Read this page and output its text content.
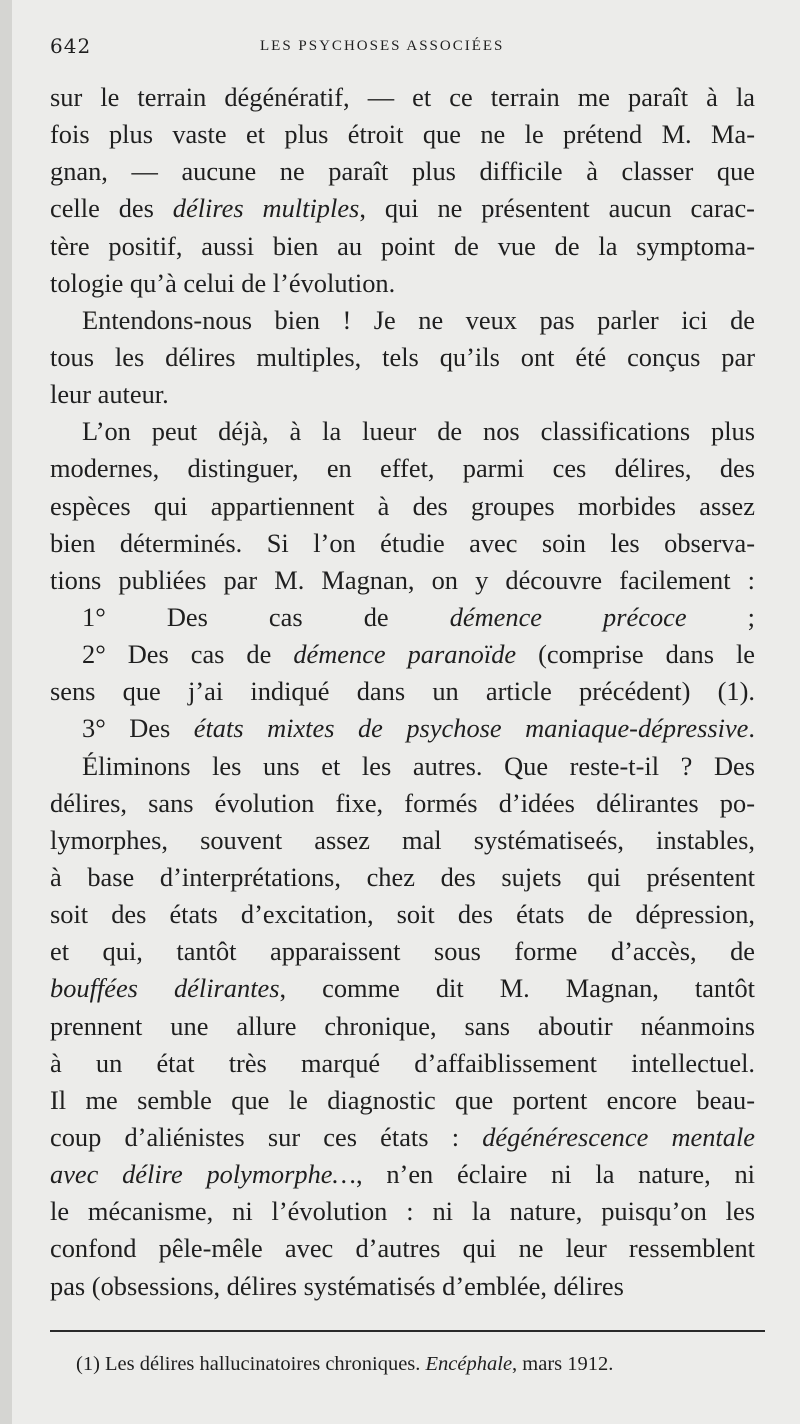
642	LES PSYCHOSES ASSOCIÉES
sur le terrain dégénératif, — et ce terrain me paraît à la
fois plus vaste et plus étroit que ne le prétend M. Ma-
gnan, — aucune ne paraît plus difficile à classer que
celle des délires multiples, qui ne présentent aucun carac-
tère positif, aussi bien au point de vue de la symptoma-
tologie qu’à celui de l’évolution.
Entendons-nous bien ! Je ne veux pas parler ici de
tous les délires multiples, tels qu’ils ont été conçus par
leur auteur.
L’on peut déjà, à la lueur de nos classifications plus
modernes, distinguer, en effet, parmi ces délires, des
espèces qui appartiennent à des groupes morbides assez
bien déterminés. Si l’on étudie avec soin les observa-
tions publiées par M. Magnan, on y découvre facilement :
1° Des cas de démence précoce ;
2° Des cas de démence paranoïde (comprise dans le
sens que j’ai indiqué dans un article précédent) (1).
3° Des états mixtes de psychose maniaque-dépressive.
Éliminons les uns et les autres. Que reste-t-il ? Des
délires, sans évolution fixe, formés d’idées délirantes po-
lymorphes, souvent assez mal systématiseés, instables,
à base d’interprétations, chez des sujets qui présentent
soit des états d’excitation, soit des états de dépression,
et qui, tantôt apparaissent sous forme d’accès, de
bouffées délirantes, comme dit M. Magnan, tantôt
prennent une allure chronique, sans aboutir néanmoins
à un état très marqué d’affaiblissement intellectuel.
Il me semble que le diagnostic que portent encore beau-
coup d’aliénistes sur ces états : dégénérescence mentale
avec délire polymorphe…, n’en éclaire ni la nature, ni
le mécanisme, ni l’évolution : ni la nature, puisqu’on les
confond pêle-mêle avec d’autres qui ne leur ressemblent
pas (obsessions, délires systématisés d’emblée, délires
(1) Les délires hallucinatoires chroniques. Encéphale, mars 1912.
